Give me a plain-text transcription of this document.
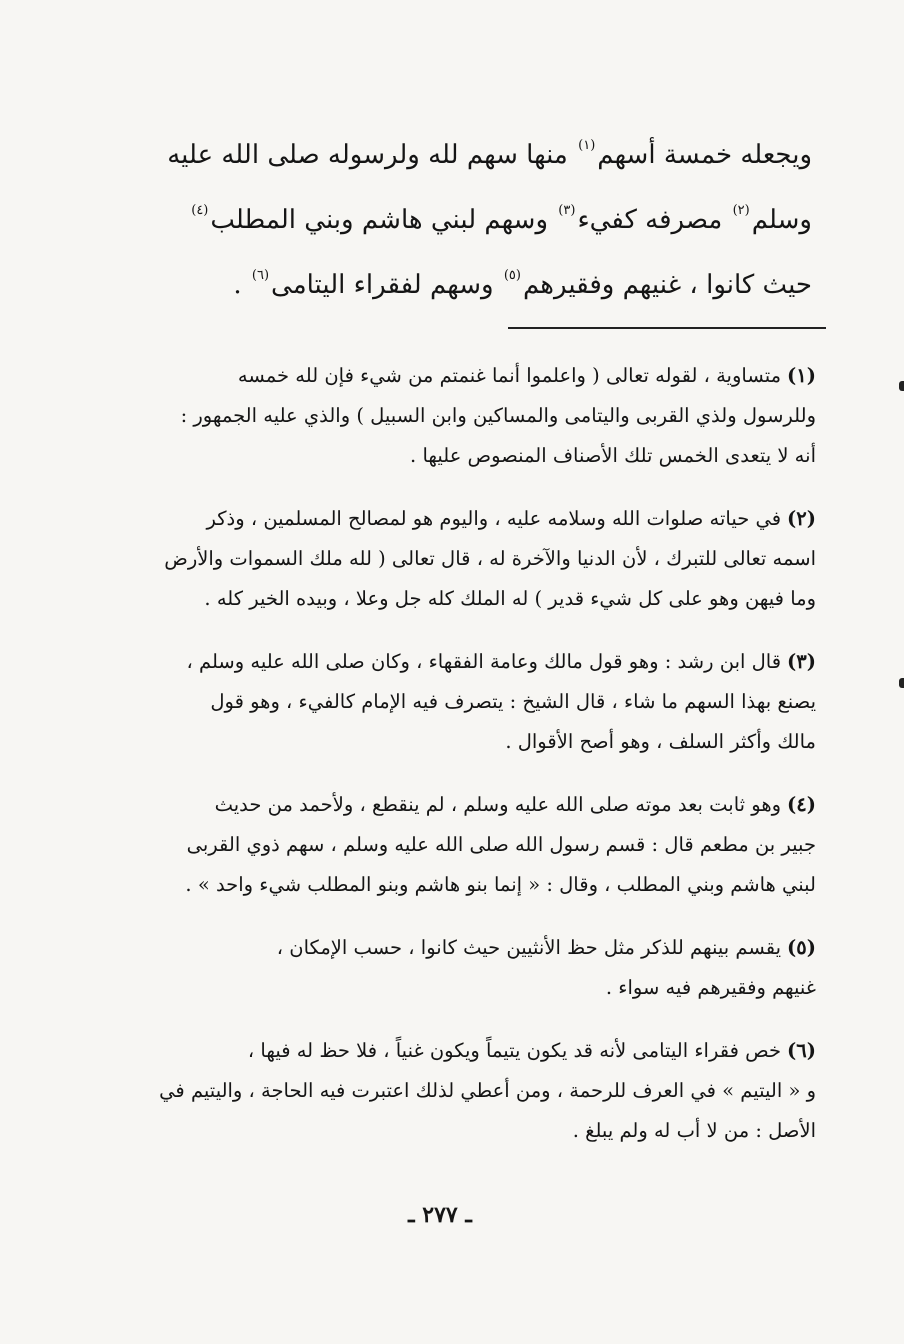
ويجعله خمسة أسهم$^{(١)}$ منها سهم لله ولرسوله صلى الله عليه
وسلم$^{(٢)}$ مصرفه كفيء$^{(٣)}$ وسهم لبني هاشم وبني المطلب$^{(٤)}$
حيث كانوا ، غنيهم وفقيرهم$^{(٥)}$ وسهم لفقراء اليتامى$^{(٦)}$ .
(١)متساوية ، لقوله تعالى ( واعلموا أنما غنمتم من شيء فإن لله خمسه
وللرسول ولذي القربى واليتامى والمساكين وابن السبيل ) والذي عليه الجمهور :
أنه لا يتعدى الخمس تلك الأصناف المنصوص عليها .
(٢)في حياته صلوات الله وسلامه عليه ، واليوم هو لمصالح المسلمين ، وذكر
اسمه تعالى للتبرك ، لأن الدنيا والآخرة له ، قال تعالى ( لله ملك السموات والأرض
وما فيهن وهو على كل شيء قدير ) له الملك كله جل وعلا ، وبيده الخير كله .
(٣)قال ابن رشد : وهو قول مالك وعامة الفقهاء ، وكان صلى الله عليه وسلم ،
يصنع بهذا السهم ما شاء ، قال الشيخ : يتصرف فيه الإمام كالفيء ، وهو قول
مالك وأكثر السلف ، وهو أصح الأقوال .
(٤)وهو ثابت بعد موته صلى الله عليه وسلم ، لم ينقطع ، ولأحمد من حديث
جبير بن مطعم قال : قسم رسول الله صلى الله عليه وسلم ، سهم ذوي القربى
لبني هاشم وبني المطلب ، وقال : « إنما بنو هاشم وبنو المطلب شيء واحد » .
(٥)يقسم بينهم للذكر مثل حظ الأنثيين حيث كانوا ، حسب الإمكان ،
غنيهم وفقيرهم فيه سواء .
(٦)خص فقراء اليتامى لأنه قد يكون يتيماً ويكون غنياً ، فلا حظ له فيها ،
و « اليتيم » في العرف للرحمة ، ومن أعطي لذلك اعتبرت فيه الحاجة ، واليتيم في
الأصل : من لا أب له ولم يبلغ .
ـ ٢٧٧ ـ
